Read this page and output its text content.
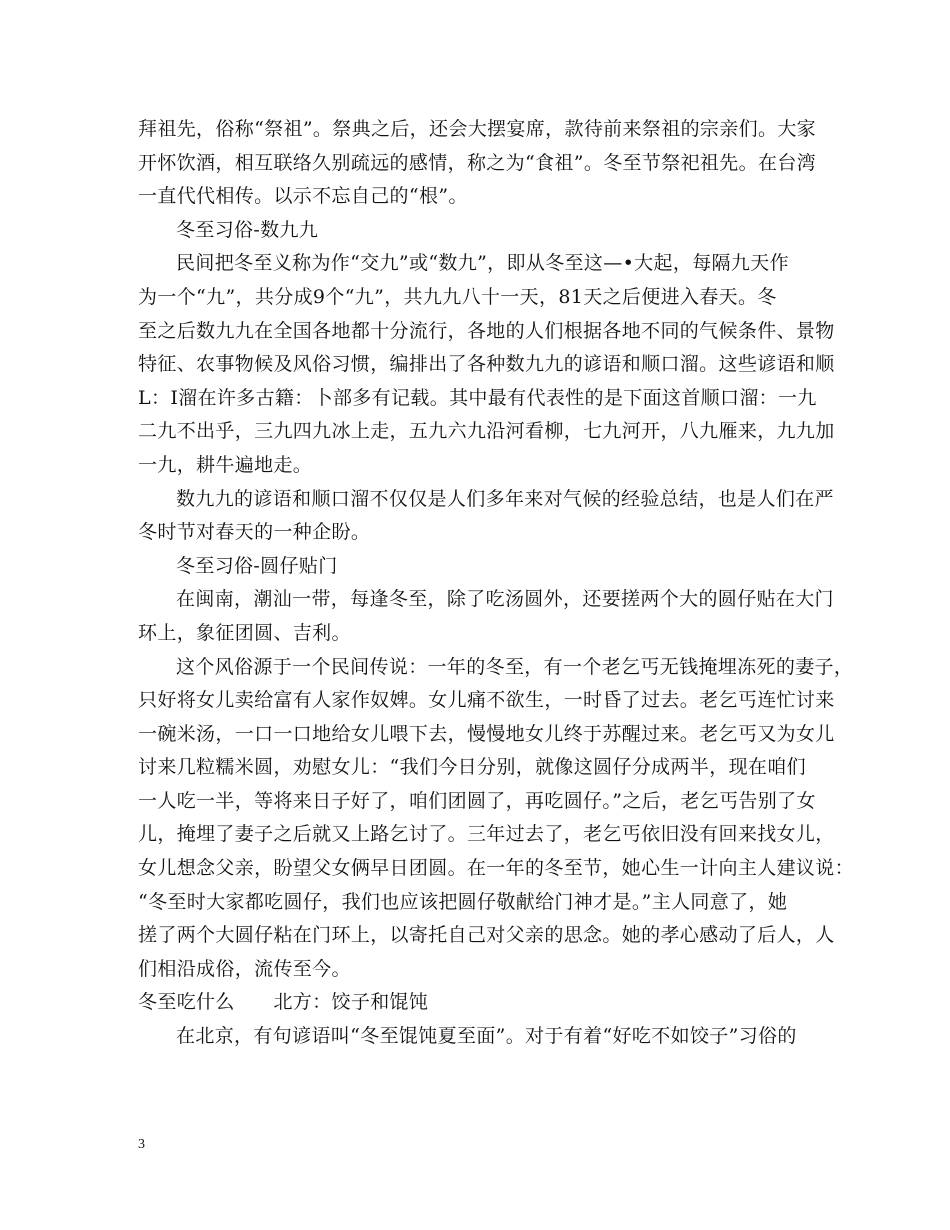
拜祖先，俗称“祭祖”。祭典之后，还会大摆宴席，款待前来祭祖的宗亲们。大家
开怀饮酒，相互联络久别疏远的感情，称之为“食祖”。冬至节祭祀祖先。在台湾
一直代代相传。以示不忘自己的“根”。
冬至习俗-数九九
民间把冬至义称为作“交九”或“数九”，即从冬至这—•大起，每隔九天作
为一个“九”，共分成9个“九”，共九九八十一天，81天之后便进入春天。冬
至之后数九九在全国各地都十分流行，各地的人们根据各地不同的气候条件、景物
特征、农事物候及风俗习惯，编排出了各种数九九的谚语和顺口溜。这些谚语和顺
L：I溜在许多古籍：卜部多有记载。其中最有代表性的是下面这首顺口溜：一九
二九不出乎，三九四九冰上走，五九六九沿河看柳，七九河开，八九雁来，九九加
一九，耕牛遍地走。
数九九的谚语和顺口溜不仅仅是人们多年来对气候的经验总结，也是人们在严
冬时节对春天的一种企盼。
冬至习俗-圆仔贴门
在闽南，潮汕一带，每逢冬至，除了吃汤圆外，还要搓两个大的圆仔贴在大门
环上，象征团圆、吉利。
这个风俗源于一个民间传说：一年的冬至，有一个老乞丐无钱掩埋冻死的妻子，
只好将女儿卖给富有人家作奴婢。女儿痛不欲生，一时昏了过去。老乞丐连忙讨来
一碗米汤，一口一口地给女儿喂下去，慢慢地女儿终于苏醒过来。老乞丐又为女儿
讨来几粒糯米圆，劝慰女儿：“我们今日分别，就像这圆仔分成两半，现在咱们
一人吃一半，等将来日子好了，咱们团圆了，再吃圆仔。”之后，老乞丐告别了女
儿，掩埋了妻子之后就又上路乞讨了。三年过去了，老乞丐依旧没有回来找女儿，
女儿想念父亲，盼望父女俩早日团圆。在一年的冬至节，她心生一计向主人建议说：
“冬至时大家都吃圆仔，我们也应该把圆仔敬献给门神才是。”主人同意了，她
搓了两个大圆仔粘在门环上，以寄托自己对父亲的思念。她的孝心感动了后人，人
们相沿成俗，流传至今。
冬至吃什么　　北方：饺子和馄饨
在北京，有句谚语叫“冬至馄饨夏至面”。对于有着“好吃不如饺子”习俗的
3
